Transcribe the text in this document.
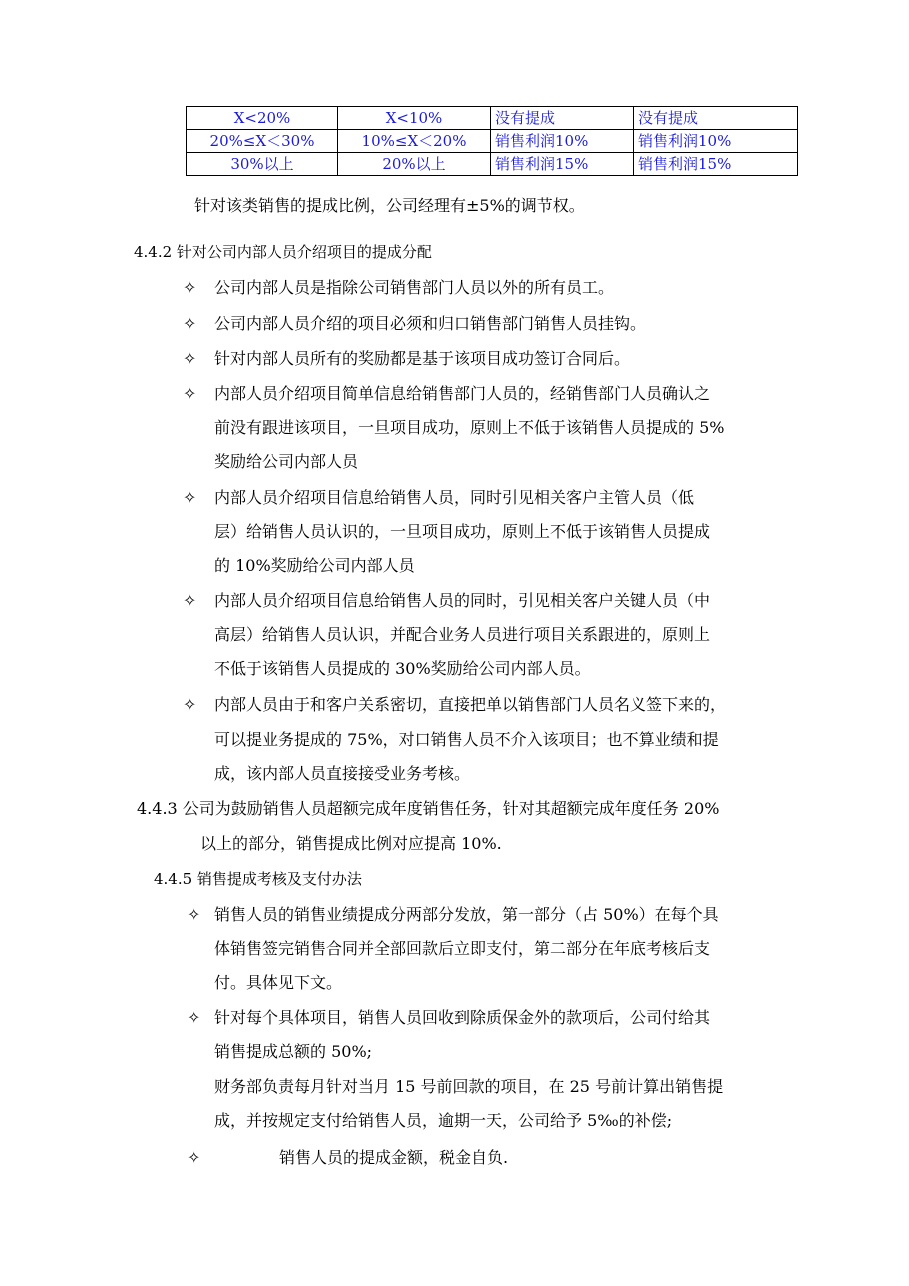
X<20%	X<10%	没有提成	没有提成
20%≤X＜30%	10%≤X＜20%	销售利润10%	销售利润10%
30%以上	20%以上	销售利润15%	销售利润15%
针对该类销售的提成比例，公司经理有±5%的调节权。
4.4.2 针对公司内部人员介绍项目的提成分配
✧ 公司内部人员是指除公司销售部门人员以外的所有员工。
✧ 公司内部人员介绍的项目必须和归口销售部门销售人员挂钩。
✧ 针对内部人员所有的奖励都是基于该项目成功签订合同后。
✧ 内部人员介绍项目简单信息给销售部门人员的，经销售部门人员确认之
前没有跟进该项目，一旦项目成功，原则上不低于该销售人员提成的 5%
奖励给公司内部人员
✧ 内部人员介绍项目信息给销售人员，同时引见相关客户主管人员（低
层）给销售人员认识的，一旦项目成功，原则上不低于该销售人员提成
的 10%奖励给公司内部人员
✧ 内部人员介绍项目信息给销售人员的同时，引见相关客户关键人员（中
高层）给销售人员认识，并配合业务人员进行项目关系跟进的，原则上
不低于该销售人员提成的 30%奖励给公司内部人员。
✧ 内部人员由于和客户关系密切，直接把单以销售部门人员名义签下来的，
可以提业务提成的 75%，对口销售人员不介入该项目；也不算业绩和提
成，该内部人员直接接受业务考核。
4.4.3 公司为鼓励销售人员超额完成年度销售任务，针对其超额完成年度任务 20%
以上的部分，销售提成比例对应提高 10%.
4.4.5 销售提成考核及支付办法
✧ 销售人员的销售业绩提成分两部分发放，第一部分（占 50%）在每个具
体销售签完销售合同并全部回款后立即支付，第二部分在年底考核后支
付。具体见下文。
✧ 针对每个具体项目，销售人员回收到除质保金外的款项后，公司付给其
销售提成总额的 50%;
财务部负责每月针对当月 15 号前回款的项目，在 25 号前计算出销售提
成，并按规定支付给销售人员，逾期一天，公司给予 5‰的补偿;
✧	销售人员的提成金额，税金自负.
